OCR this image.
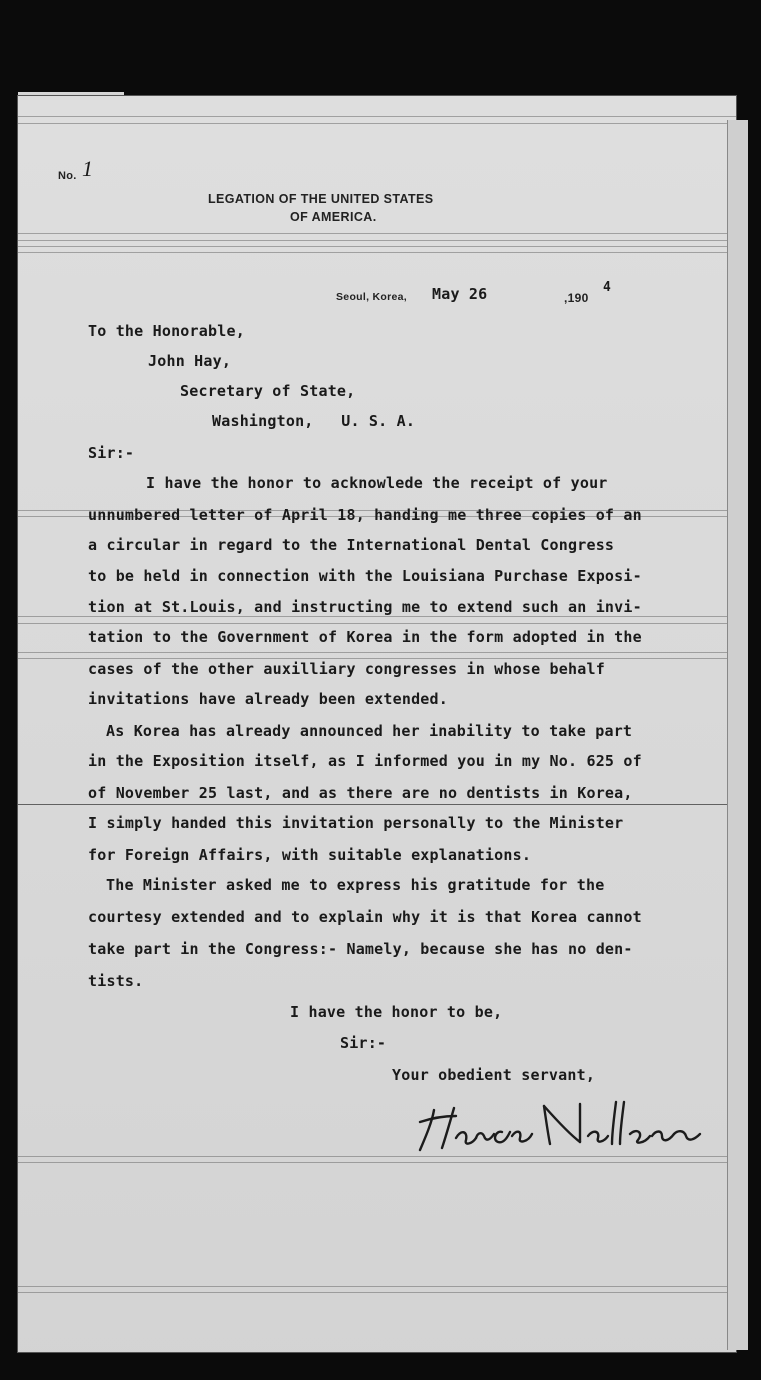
No. 1
LEGATION OF THE UNITED STATES
OF AMERICA.
Seoul, Korea, May 26	,190
4
To the Honorable,
John Hay,
Secretary of State,
Washington,   U. S. A.
Sir:-
I have the honor to acknowlede the receipt of your
unnumbered letter of April 18, handing me three copies of an
a circular in regard to the International Dental Congress
to be held in connection with the Louisiana Purchase Exposi-
tion at St.Louis, and instructing me to extend such an invi-
tation to the Government of Korea in the form adopted in the
cases of the other auxilliary congresses in whose behalf
invitations have already been extended.
As Korea has already announced her inability to take part
in the Exposition itself, as I informed you in my No. 625 of
of November 25 last, and as there are no dentists in Korea,
I simply handed this invitation personally to the Minister
for Foreign Affairs, with suitable explanations.
The Minister asked me to express his gratitude for the
courtesy extended and to explain why it is that Korea cannot
take part in the Congress:- Namely, because she has no den-
tists.
I have the honor to be,
Sir:-
Your obedient servant,
